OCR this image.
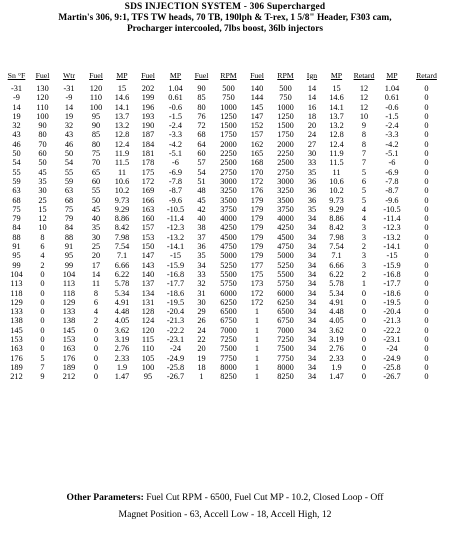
SDS INJECTION SYSTEM - 306 Supercharged
Martin's 306, 9:1, TFS TW heads, 70 TB, 190lph & T-rex, 1 5/8" Header, F303 cam,
Procharger intercooled, 7lbs boost, 36lb injectors
Sn °F	Fuel	Wtr	Fuel	MP	Fuel	MP	Fuel	RPM	Fuel	RPM	Ign	MP	Retard	MP	Retard
-31	130	-31	120	15	202	1.04	90	500	140	500	14	15	12	1.04	0
-9	120	-9	110	14.6	199	0.61	85	750	144	750	14	14.6	12	0.61	0
14	110	14	100	14.1	196	-0.6	80	1000	145	1000	16	14.1	12	-0.6	0
19	100	19	95	13.7	193	-1.5	76	1250	147	1250	18	13.7	10	-1.5	0
32	90	32	90	13.2	190	-2.4	72	1500	152	1500	20	13.2	9	-2.4	0
43	80	43	85	12.8	187	-3.3	68	1750	157	1750	24	12.8	8	-3.3	0
46	70	46	80	12.4	184	-4.2	64	2000	162	2000	27	12.4	8	-4.2	0
50	60	50	75	11.9	181	-5.1	60	2250	165	2250	30	11.9	7	-5.1	0
54	50	54	70	11.5	178	-6	57	2500	168	2500	33	11.5	7	-6	0
55	45	55	65	11	175	-6.9	54	2750	170	2750	35	11	5	-6.9	0
59	35	59	60	10.6	172	-7.8	51	3000	172	3000	36	10.6	6	-7.8	0
63	30	63	55	10.2	169	-8.7	48	3250	176	3250	36	10.2	5	-8.7	0
68	25	68	50	9.73	166	-9.6	45	3500	179	3500	36	9.73	5	-9.6	0
75	15	75	45	9.29	163	-10.5	42	3750	179	3750	35	9.29	4	-10.5	0
79	12	79	40	8.86	160	-11.4	40	4000	179	4000	34	8.86	4	-11.4	0
84	10	84	35	8.42	157	-12.3	38	4250	179	4250	34	8.42	3	-12.3	0
88	8	88	30	7.98	153	-13.2	37	4500	179	4500	34	7.98	3	-13.2	0
91	6	91	25	7.54	150	-14.1	36	4750	179	4750	34	7.54	2	-14.1	0
95	4	95	20	7.1	147	-15	35	5000	179	5000	34	7.1	3	-15	0
99	2	99	17	6.66	143	-15.9	34	5250	177	5250	34	6.66	3	-15.9	0
104	0	104	14	6.22	140	-16.8	33	5500	175	5500	34	6.22	2	-16.8	0
113	0	113	11	5.78	137	-17.7	32	5750	173	5750	34	5.78	1	-17.7	0
118	0	118	8	5.34	134	-18.6	31	6000	172	6000	34	5.34	0	-18.6	0
129	0	129	6	4.91	131	-19.5	30	6250	172	6250	34	4.91	0	-19.5	0
133	0	133	4	4.48	128	-20.4	29	6500	1	6500	34	4.48	0	-20.4	0
138	0	138	2	4.05	124	-21.3	26	6750	1	6750	34	4.05	0	-21.3	0
145	0	145	0	3.62	120	-22.2	24	7000	1	7000	34	3.62	0	-22.2	0
153	0	153	0	3.19	115	-23.1	22	7250	1	7250	34	3.19	0	-23.1	0
163	0	163	0	2.76	110	-24	20	7500	1	7500	34	2.76	0	-24	0
176	5	176	0	2.33	105	-24.9	19	7750	1	7750	34	2.33	0	-24.9	0
189	7	189	0	1.9	100	-25.8	18	8000	1	8000	34	1.9	0	-25.8	0
212	9	212	0	1.47	95	-26.7	1	8250	1	8250	34	1.47	0	-26.7	0
Other Parameters: Fuel Cut RPM - 6500, Fuel Cut MP - 10.2, Closed Loop - Off
Magnet Position - 63, Accell Low - 18, Accell High, 12
